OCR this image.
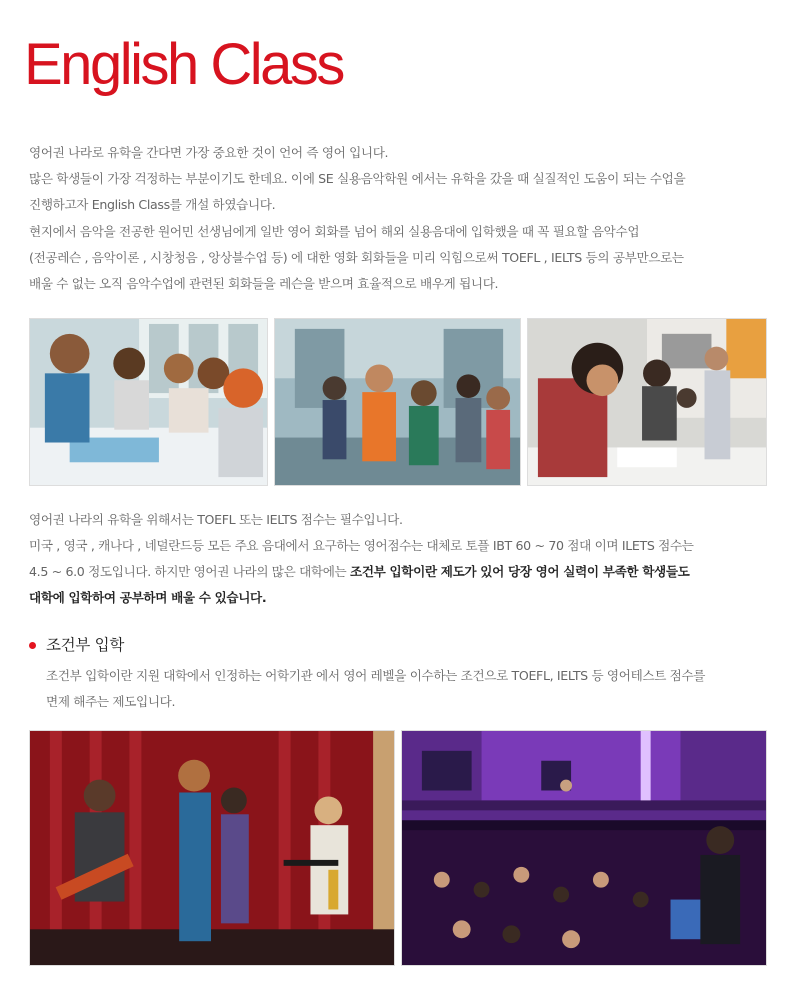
English Class

영어권 나라로 유학을 간다면 가장 중요한 것이 언어 즉 영어 입니다.
많은 학생들이 가장 걱정하는 부분이기도 한데요. 이에 SE 실용음악학원 에서는 유학을 갔을 때 실질적인 도움이 되는 수업을
진행하고자 English Class를 개설 하였습니다.

현지에서 음악을 전공한 원어민 선생님에게 일반 영어 회화를 넘어 해외 실용음대에 입학했을 때 꼭 필요할 음악수업
(전공레슨 , 음악이론 , 시창청음 , 앙상블수업 등) 에 대한 영화 회화들을 미리 익힘으로써 TOEFL , IELTS 등의 공부만으로는
배울 수 없는 오직 음악수업에 관련된 회화들을 레슨을 받으며 효율적으로 배우게 됩니다.

영어권 나라의 유학을 위해서는 TOEFL 또는 IELTS 점수는 필수입니다.
미국 , 영국 , 캐나다 , 네덜란드등 모든 주요 음대에서 요구하는 영어점수는 대체로 토플 IBT 60 ~ 70 점대 이며 ILETS 점수는
4.5 ~ 6.0 정도입니다. 하지만 영어권 나라의 많은 대학에는 조건부 입학이란 제도가 있어 당장 영어 실력이 부족한 학생들도
대학에 입학하여 공부하며 배울 수 있습니다.

조건부 입학

조건부 입학이란 지원 대학에서 인정하는 어학기관 에서 영어 레벨을 이수하는 조건으로 TOEFL, IELTS 등 영어테스트 점수를
면제 해주는 제도입니다.
